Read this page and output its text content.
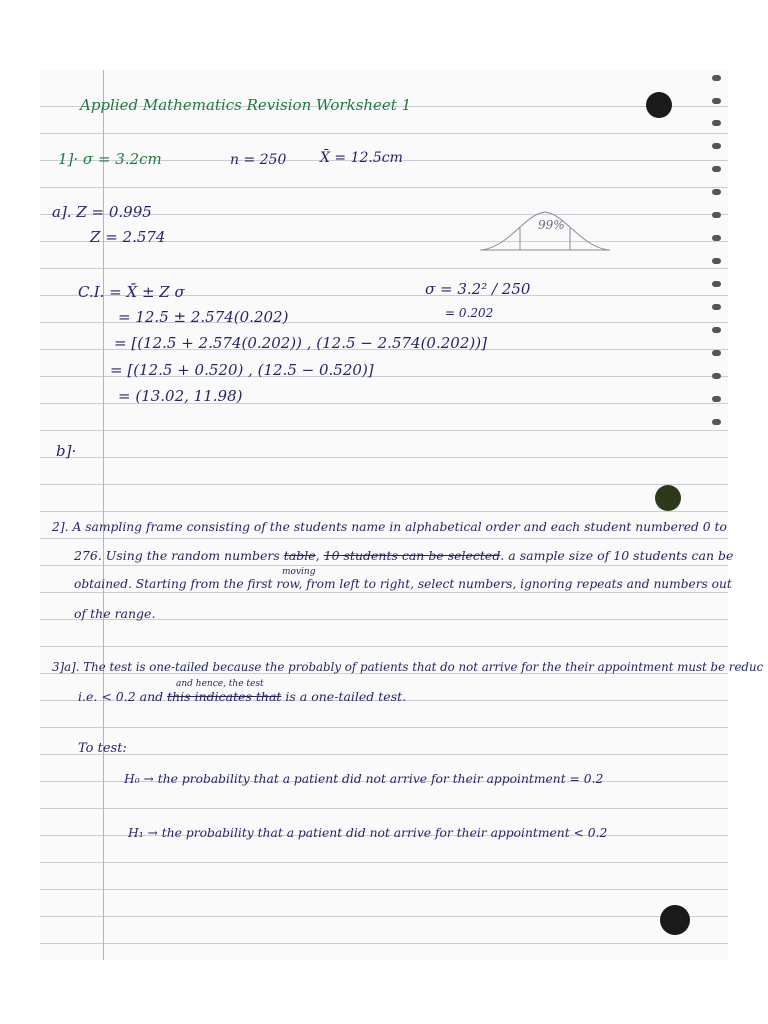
Applied Mathematics Revision Worksheet 1
1]· σ = 3.2cm	n = 250 X̄ = 12.5cm
a]. Z = 0.995
Z = 2.574
99%
C.I. = X̄ ± Z σ	σ = 3.2² / 250
= 0.202
= 12.5 ± 2.574(0.202)
= [(12.5 + 2.574(0.202)) , (12.5 − 2.574(0.202))]
= [(12.5 + 0.520) , (12.5 − 0.520)]
= (13.02, 11.98)
b]·
2]. A sampling frame consisting of the students name in alphabetical order and each student numbered 0 to
276. Using the random numbers table, 10 students can be selected. a sample size of 10 students can be
moving
obtained. Starting from the first row, from left to right, select numbers, ignoring repeats and numbers out
of the range.
3]a]. The test is one-tailed because the probably of patients that do not arrive for the their appointment must be reduc
and hence, the test
i.e. < 0.2 and this indicates that is a one-tailed test.
To test:
H₀ → the probability that a patient did not arrive for their appointment = 0.2
H₁ → the probability that a patient did not arrive for their appointment < 0.2
